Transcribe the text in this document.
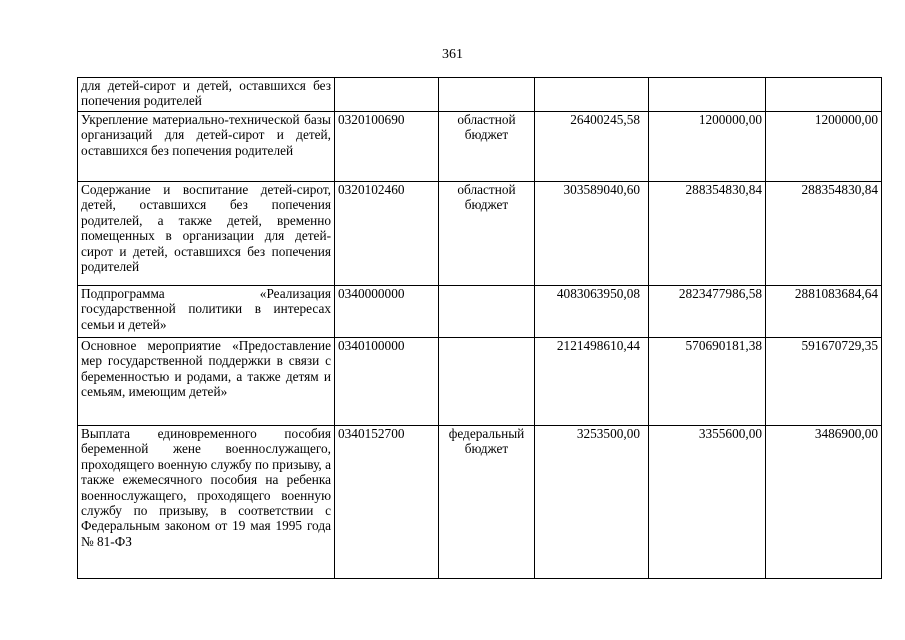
361
для детей-сирот и детей, оставшихся без попечения родителей					
Укрепление материально-технической базы организаций для детей-сирот и детей, оставшихся без попечения родителей	0320100690	областной бюджет	26400245,58	1200000,00	1200000,00
Содержание и воспитание детей-сирот, детей, оставшихся без попечения родителей, а также детей, временно помещенных в организации для детей-сирот и детей, оставшихся без попечения родителей	0320102460	областной бюджет	303589040,60	288354830,84	288354830,84
Подпрограмма «Реализация государственной политики в интересах семьи и детей»	0340000000		4083063950,08	2823477986,58	2881083684,64
Основное мероприятие «Предоставление мер государственной поддержки в связи с беременностью и родами, а также детям и семьям, имеющим детей»	0340100000		2121498610,44	570690181,38	591670729,35
Выплата единовременного пособия беременной жене военнослужащего, проходящего военную службу по призыву, а также ежемесячного пособия на ребенка военнослужащего, проходящего военную службу по призыву, в соответствии с Федеральным законом от 19 мая 1995 года № 81-ФЗ	0340152700	федеральный бюджет	3253500,00	3355600,00	3486900,00
